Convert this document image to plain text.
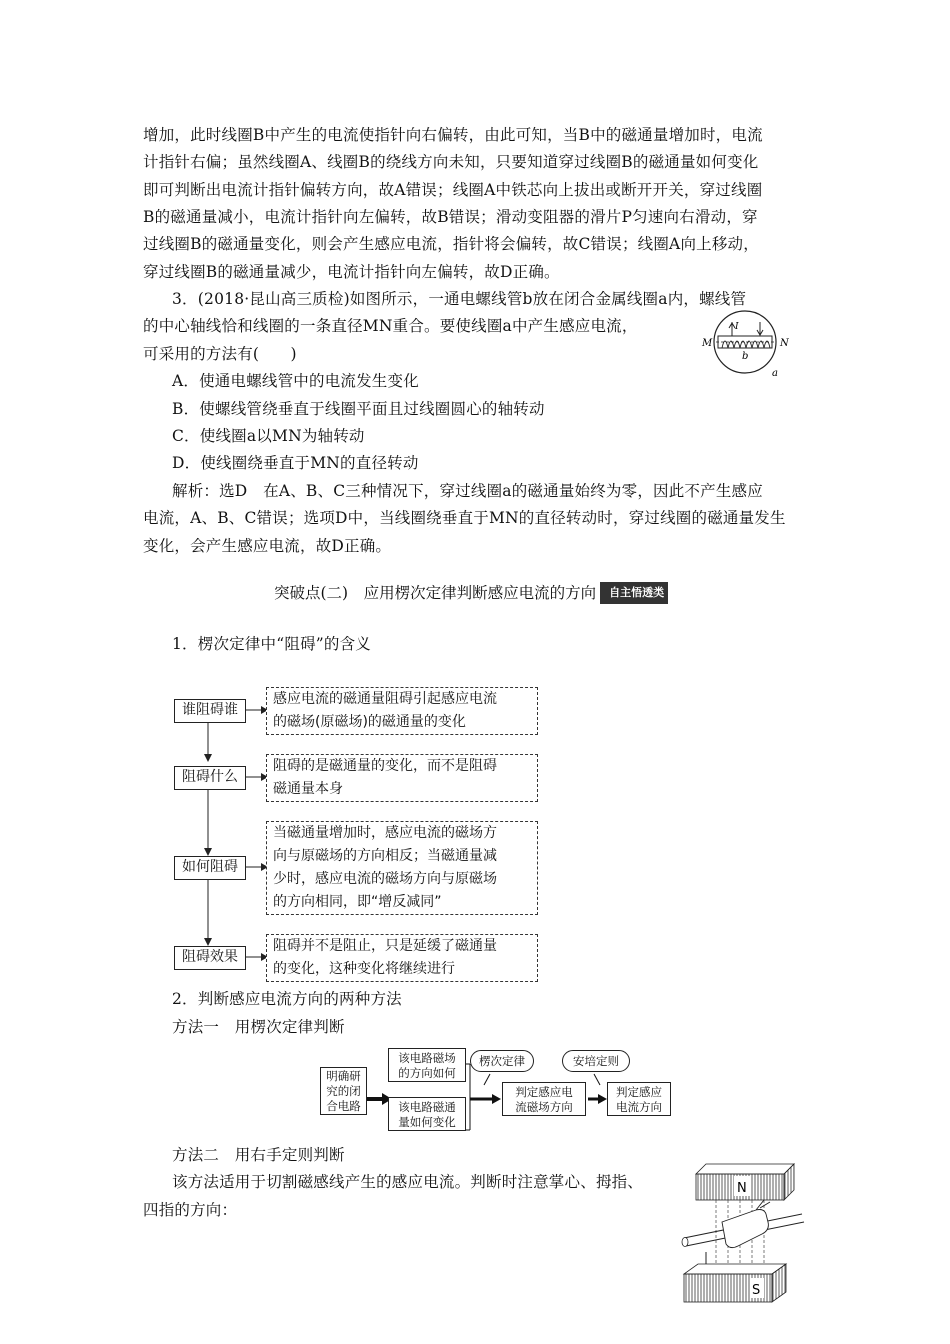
增加，此时线圈B中产生的电流使指针向右偏转，由此可知，当B中的磁通量增加时，电流
计指针右偏；虽然线圈A、线圈B的绕线方向未知，只要知道穿过线圈B的磁通量如何变化
即可判断出电流计指针偏转方向，故A错误；线圈A中铁芯向上拔出或断开开关，穿过线圈
B的磁通量减小，电流计指针向左偏转，故B错误；滑动变阻器的滑片P匀速向右滑动，穿
过线圈B的磁通量变化，则会产生感应电流，指针将会偏转，故C错误；线圈A向上移动，
穿过线圈B的磁通量减少，电流计指针向左偏转，故D正确。
3．(2018·昆山高三质检)如图所示，一通电螺线管b放在闭合金属线圈a内，螺线管
的中心轴线恰和线圈的一条直径MN重合。要使线圈a中产生感应电流，
可采用的方法有(　　)
A．使通电螺线管中的电流发生变化
B．使螺线管绕垂直于线圈平面且过线圈圆心的轴转动
C．使线圈a以MN为轴转动
D．使线圈绕垂直于MN的直径转动
解析：选D　在A、B、C三种情况下，穿过线圈a的磁通量始终为零，因此不产生感应
电流，A、B、C错误；选项D中，当线圈绕垂直于MN的直径转动时，穿过线圈的磁通量发生
变化，会产生感应电流，故D正确。
M	N
I
b
a
突破点(二)　应用楞次定律判断感应电流的方向 自主悟透类
1．楞次定律中“阻碍”的含义
谁阻碍谁
感应电流的磁通量阻碍引起感应电流
的磁场(原磁场)的磁通量的变化
阻碍什么
阻碍的是磁通量的变化，而不是阻碍
磁通量本身
如何阻碍
当磁通量增加时，感应电流的磁场方
向与原磁场的方向相反；当磁通量减
少时，感应电流的磁场方向与原磁场
的方向相同，即“增反减同”
阻碍效果
阻碍并不是阻止，只是延缓了磁通量
的变化，这种变化将继续进行
2．判断感应电流方向的两种方法
方法一　用楞次定律判断
明确研
究的闭
合电路
该电路磁场
的方向如何
该电路磁通
量如何变化
楞次定律
判定感应电
流磁场方向
安培定则
判定感应
电流方向
方法二　用右手定则判断
该方法适用于切割磁感线产生的感应电流。判断时注意掌心、拇指、
四指的方向：
N
S
